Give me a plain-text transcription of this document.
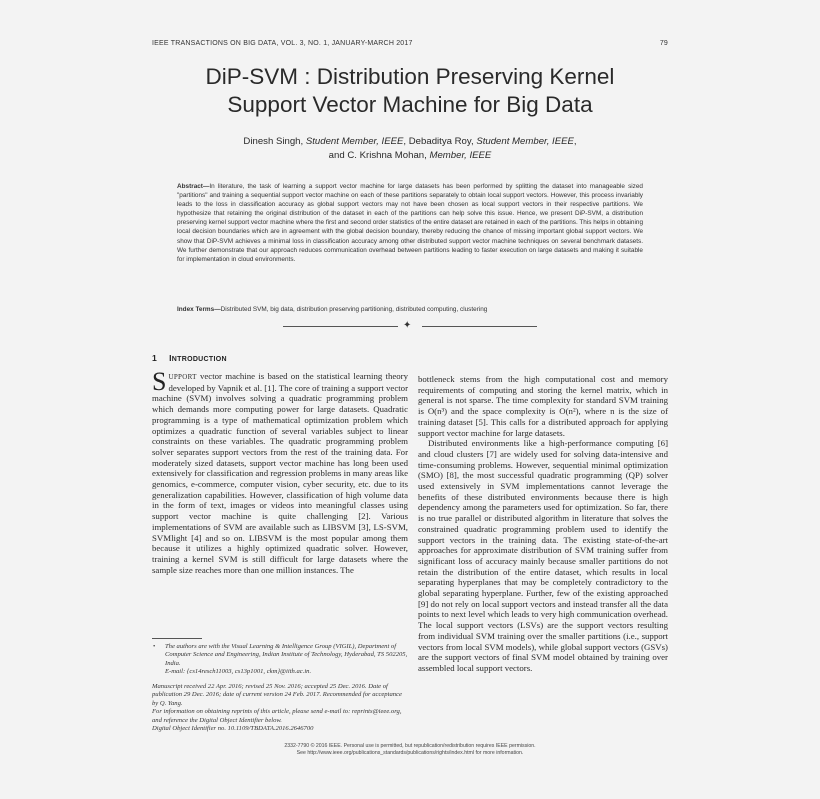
IEEE TRANSACTIONS ON BIG DATA, VOL. 3, NO. 1, JANUARY-MARCH 2017	79
DiP-SVM : Distribution Preserving Kernel
Support Vector Machine for Big Data
Dinesh Singh, Student Member, IEEE, Debaditya Roy, Student Member, IEEE,
and C. Krishna Mohan, Member, IEEE
Abstract—In literature, the task of learning a support vector machine for large datasets has been performed by splitting the dataset into manageable sized "partitions" and training a sequential support vector machine on each of these partitions separately to obtain local support vectors. However, this process invariably leads to the loss in classification accuracy as global support vectors may not have been chosen as local support vectors in their respective partitions. We hypothesize that retaining the original distribution of the dataset in each of the partitions can help solve this issue. Hence, we present DiP-SVM, a distribution preserving kernel support vector machine where the first and second order statistics of the entire dataset are retained in each of the partitions. This helps in obtaining local decision boundaries which are in agreement with the global decision boundary, thereby reducing the chance of missing important global support vectors. We show that DiP-SVM achieves a minimal loss in classification accuracy among other distributed support vector machine techniques on several benchmark datasets. We further demonstrate that our approach reduces communication overhead between partitions leading to faster execution on large datasets and making it suitable for implementation in cloud environments.
Index Terms—Distributed SVM, big data, distribution preserving partitioning, distributed computing, clustering
✦
1 INTRODUCTION

SUPPORT vector machine is based on the statistical learning theory developed by Vapnik et al. [1]. The core of training a support vector machine (SVM) involves solving a quadratic programming problem which demands more computing power for large datasets. Quadratic programming is a type of mathematical optimization problem which optimizes a quadratic function of several variables subject to linear constraints on these variables. The quadratic programming problem solver separates support vectors from the rest of the training data. For moderately sized datasets, support vector machine has long been used extensively for classification and regression problems in many areas like genomics, e-commerce, computer vision, cyber security, etc. due to its generalization capabilities. However, classification of high volume data in the form of text, images or videos into meaningful classes using support vector machine is quite challenging [2]. Various implementations of SVM are available such as LIBSVM [3], LS-SVM, SVMlight [4] and so on. LIBSVM is the most popular among them because it utilizes a highly optimized quadratic solver. However, training a kernel SVM is still difficult for large datasets where the sample size reaches more than one million instances. The

• The authors are with the Visual Learning & Intelligence Group (VIGIL), Department of Computer Science and Engineering, Indian Institute of Technology, Hyderabad, TS 502205, India.
E-mail: {cs14resch11003, cs13p1001, ckm}@iith.ac.in.
Manuscript received 22 Apr. 2016; revised 25 Nov. 2016; accepted 25 Dec. 2016. Date of publication 29 Dec. 2016; date of current version 24 Feb. 2017. Recommended for acceptance by Q. Yang.
For information on obtaining reprints of this article, please send e-mail to: reprints@ieee.org, and reference the Digital Object Identifier below.
Digital Object Identifier no. 10.1109/TBDATA.2016.2646700

bottleneck stems from the high computational cost and memory requirements of computing and storing the kernel matrix, which in general is not sparse. The time complexity for standard SVM training is O(n³) and the space complexity is O(n²), where n is the size of training dataset [5]. This calls for a distributed approach for applying support vector machine for large datasets.

Distributed environments like a high-performance computing [6] and cloud clusters [7] are widely used for solving data-intensive and time-consuming problems. However, sequential minimal optimization (SMO) [8], the most successful quadratic programming (QP) solver used extensively in SVM implementations cannot leverage the benefits of these distributed environments because there is high dependency among the parameters used for optimization. So far, there is no true parallel or distributed algorithm in literature that solves the constrained quadratic programming problem used to identify the support vectors in the training data. The existing state-of-the-art approaches for approximate distribution of SVM training suffer from significant loss of accuracy mainly because smaller partitions do not retain the distribution of the entire dataset, which results in local separating hyperplanes that may be completely contradictory to the global separating hyperplane. Further, few of the existing approached [9] do not rely on local support vectors and instead transfer all the data points to next level which leads to very high communication overhead. The local support vectors (LSVs) are the support vectors resulting from individual SVM training over the smaller partitions (i.e., support vectors from local SVM models), while global support vectors (GSVs) are the support vectors of final SVM model obtained by training over assembled local support vectors.

2332-7790 © 2016 IEEE. Personal use is permitted, but republication/redistribution requires IEEE permission.
See http://www.ieee.org/publications_standards/publications/rights/index.html for more information.
